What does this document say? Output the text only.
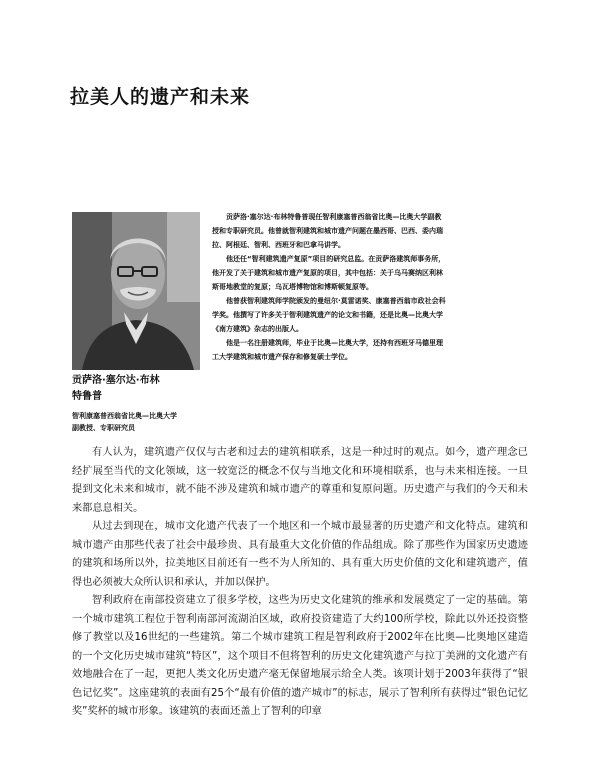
拉美人的遗产和未来

贡萨洛·塞尔达·布林
特鲁普

智利康塞普西翁省比奥—比奥大学
副教授、专职研究员

贡萨洛·塞尔达·布林特鲁普现任智利康塞普西翁省比奥—比奥大学副教授和专职研究员。他曾就智利建筑和城市遗产问题在墨西哥、巴西、委内瑞拉、阿根廷、智利、西班牙和巴拿马讲学。

他还任“智利建筑遗产复原”项目的研究总监。在贡萨洛建筑师事务所，他开发了关于建筑和城市遗产复原的项目，其中包括：关于乌马赛纳区利林斯哥地教堂的复原；乌瓦塔博物馆和博斯顿复原等。

他曾获智利建筑师学院颁发的曼纽尔·莫雷诺奖、康塞普西翁市政社会科学奖。他撰写了许多关于智利建筑遗产的论文和书籍，还是比奥—比奥大学《南方建筑》杂志的出版人。

他是一名注册建筑师，毕业于比奥—比奥大学，还持有西班牙马德里理工大学建筑和城市遗产保存和修复硕士学位。

有人认为，建筑遗产仅仅与古老和过去的建筑相联系，这是一种过时的观点。如今，遗产理念已经扩展至当代的文化领域，这一较宽泛的概念不仅与当地文化和环境相联系，也与未来相连接。一旦提到文化未来和城市，就不能不涉及建筑和城市遗产的尊重和复原问题。历史遗产与我们的今天和未来都息息相关。

从过去到现在，城市文化遗产代表了一个地区和一个城市最显著的历史遗产和文化特点。建筑和城市遗产由那些代表了社会中最珍贵、具有最重大文化价值的作品组成。除了那些作为国家历史遗迹的建筑和场所以外，拉美地区目前还有一些不为人所知的、具有重大历史价值的文化和建筑遗产，值得也必须被大众所认识和承认，并加以保护。

智利政府在南部投资建立了很多学校，这些为历史文化建筑的维承和发展奠定了一定的基础。第一个城市建筑工程位于智利南部河流湖泊区域，政府投资建造了大约100所学校，除此以外还投资整修了教堂以及16世纪的一些建筑。第二个城市建筑工程是智利政府于2002年在比奥—比奥地区建造的一个文化历史城市建筑“特区”，这个项目不但将智利的历史文化建筑遗产与拉丁美洲的文化遗产有效地融合在了一起，更把人类文化历史遗产毫无保留地展示给全人类。该项计划于2003年获得了“银色记忆奖”。这座建筑的表面有25个“最有价值的遗产城市”的标志，展示了智利所有获得过“银色记忆奖”奖杯的城市形象。该建筑的表面还盖上了智利的印章
